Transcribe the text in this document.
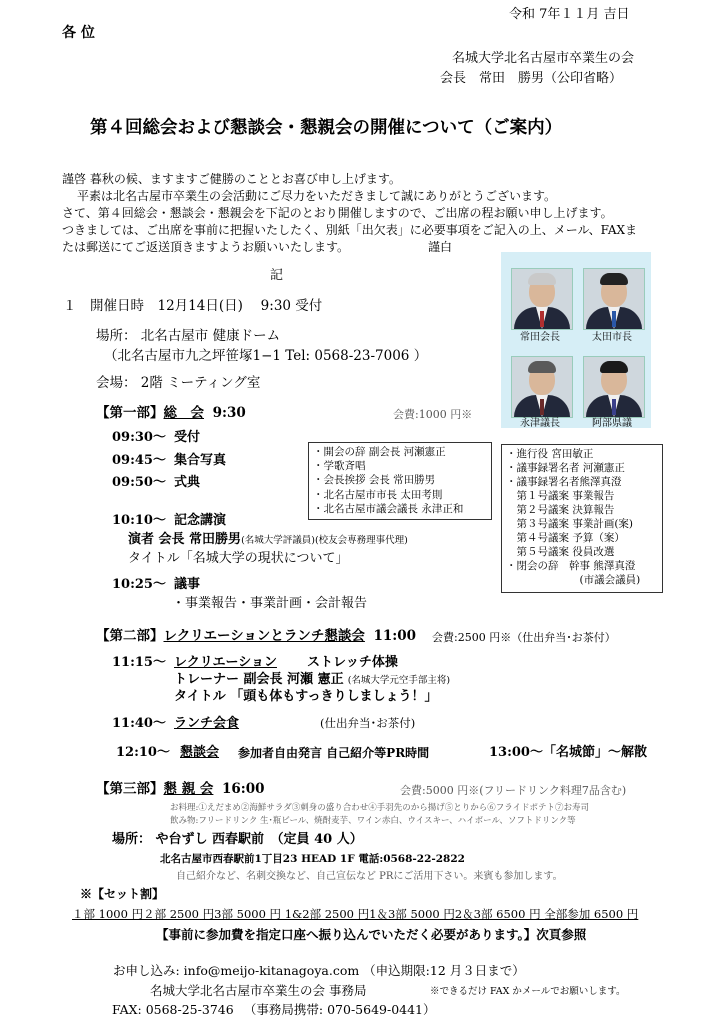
令和 7年１１月 吉日
各 位
名城大学北名古屋市卒業生の会
会長　常田　勝男（公印省略）
第４回総会および懇談会・懇親会の開催について（ご案内）
謹啓 暮秋の候、ますますご健勝のこととお喜び申し上げます。
平素は北名古屋市卒業生の会活動にご尽力をいただきまして誠にありがとうございます。
さて、第４回総会・懇談会・懇親会を下記のとおり開催しますので、ご出席の程お願い申し上げます。
つきましては、ご出席を事前に把握いたしたく、別紙「出欠表」に必要事項をご記入の上、メール、FAXま
たは郵送にてご返送頂きますようお願いいたします。	謹白
記
常田会長	太田市長
永津議長	阿部県議
１　開催日時　12月14日(日)　 9:30 受付
場所： 北名古屋市 健康ドーム
（北名古屋市九之坪笹塚1−1 Tel: 0568-23-7006 ）
会場： 2階 ミーティング室
【第一部】総　会 9:30	会費:1000 円※
09:30〜 受付
09:45〜 集合写真
09:50〜 式典
・開会の辞 副会長 河瀬憲正
・学歌斉唱
・会長挨拶 会長 常田勝男
・北名古屋市市長 太田考則
・北名古屋市議会議長 永津正和
・進行役 宮田敏正
・議事録署名者 河瀬憲正
・議事録署名者熊澤真澄
　第１号議案 事業報告
　第２号議案 決算報告
　第３号議案 事業計画(案)
　第４号議案 予算（案）
　第５号議案 役員改選
・閉会の辞　幹事 熊澤真澄
　　　　　　　(市議会議員)
10:10〜 記念講演
演者 会長 常田勝男(名城大学評議員)(校友会専務理事代理)
タイトル「名城大学の現状について」
10:25〜 議事
・事業報告・事業計画・会計報告
【第二部】レクリエーションとランチ懇談会 11:00 会費:2500 円※（仕出弁当･お茶付）
11:15〜 レクリエーション ストレッチ体操
トレーナー 副会長 河瀬 憲正 (名城大学元空手部主将)
タイトル 「頭も体もすっきりしましょう！」
11:40〜 ランチ会食	(仕出弁当･お茶付)
12:10〜 懇談会 参加者自由発言 自己紹介等PR時間	13:00〜「名城節」〜解散
【第三部】懇 親 会 16:00	会費:5000 円※(フリードリンク料理7品含む)
お料理:①えだまめ②海鮮サラダ③刺身の盛り合わせ④手羽先のから揚げ⑤とりから⑥フライドポテト⑦お寿司
飲み物:フリードリンク 生･瓶ビール、焼酎麦芋、ワイン赤白、ウイスキー、ハイボール、ソフトドリンク等
場所： や台ずし 西春駅前　（定員 40 人）
北名古屋市西春駅前1丁目23 HEAD 1F 電話:0568-22-2822
自己紹介など、名刺交換など、自己宣伝など PRにご活用下さい。来賓も参加します。
※【セット割】
１部 1000 円２部 2500 円3部 5000 円 1&2部 2500 円1＆3部 5000 円2＆3部 6500 円 全部参加 6500 円
【事前に参加費を指定口座へ振り込んでいただく必要があります。】次頁参照
お申し込み: info@meijo-kitanagoya.com （申込期限:12 月３日まで）
名城大学北名古屋市卒業生の会 事務局	※できるだけ FAX かメールでお願いします。
FAX: 0568-25-3746 　（事務局携帯: 070-5649-0441）
